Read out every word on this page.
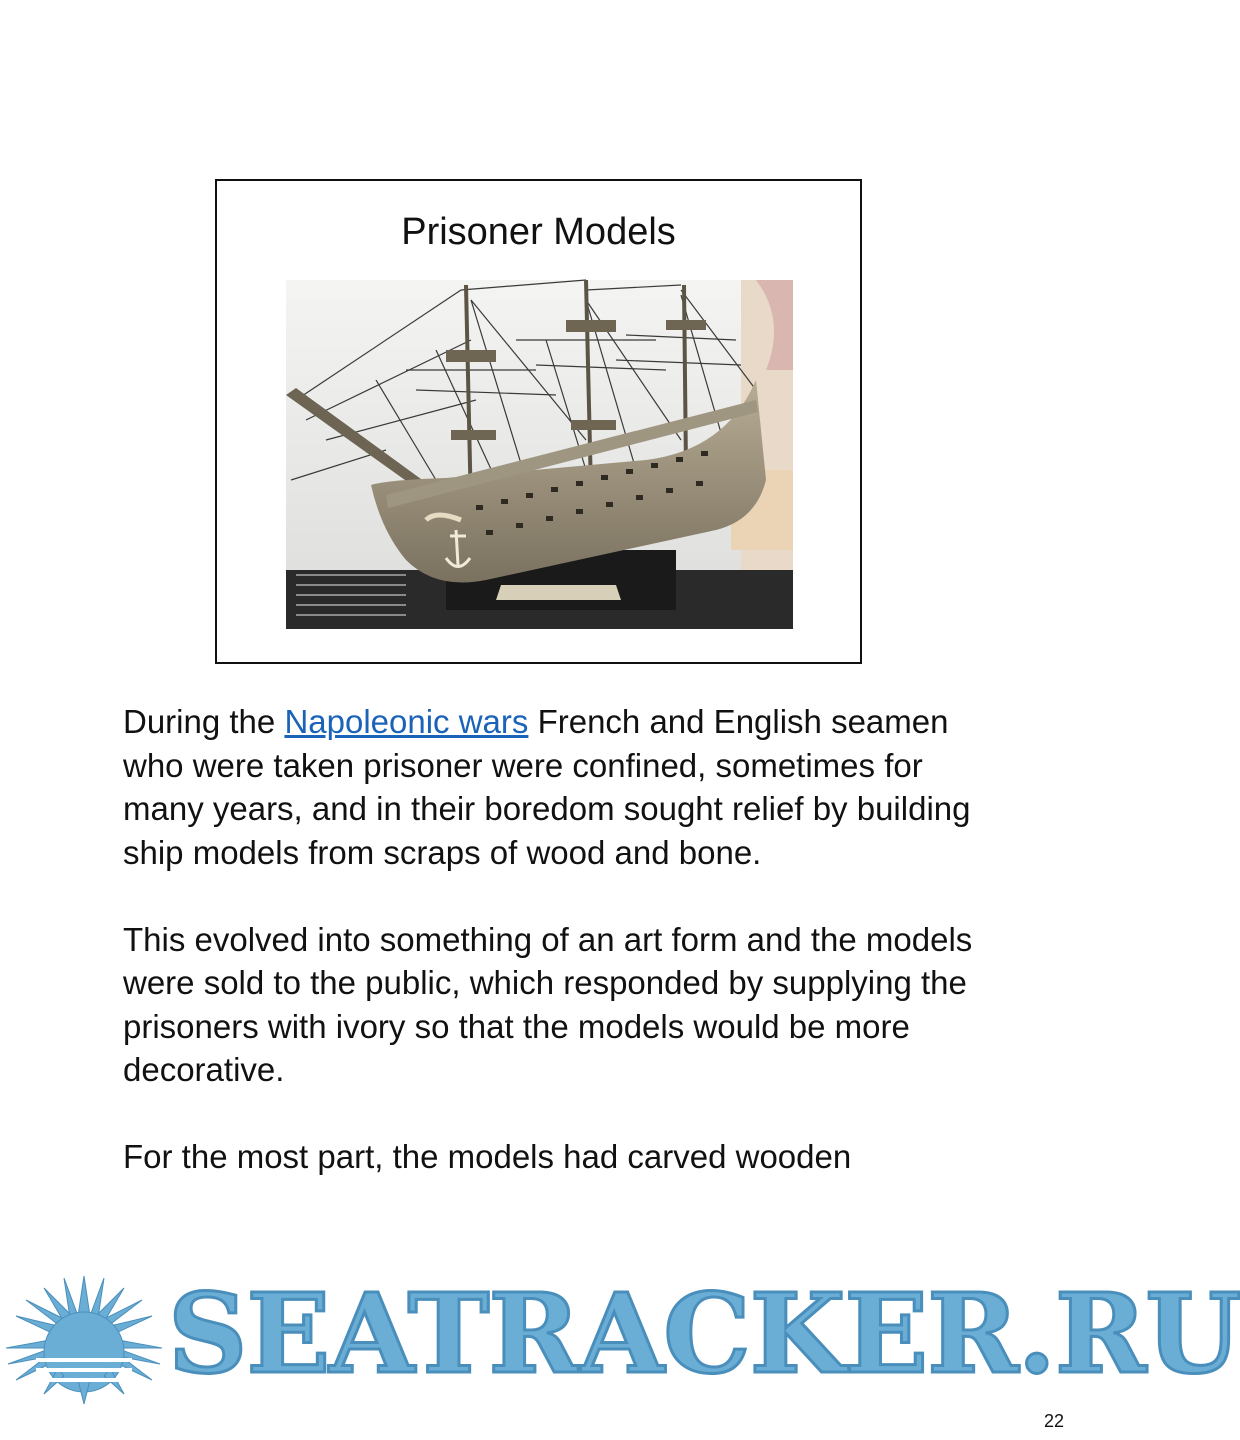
Prisoner Models

During the Napoleonic wars French and English seamen who were taken prisoner were confined, sometimes for many years, and in their boredom sought relief by building ship models from scraps of wood and bone.

This evolved into something of an art form and the models were sold to the public, which responded by supplying the prisoners with ivory so that the models would be more decorative.

For the most part, the models had carved wooden

SEATRACKER.RU
22
